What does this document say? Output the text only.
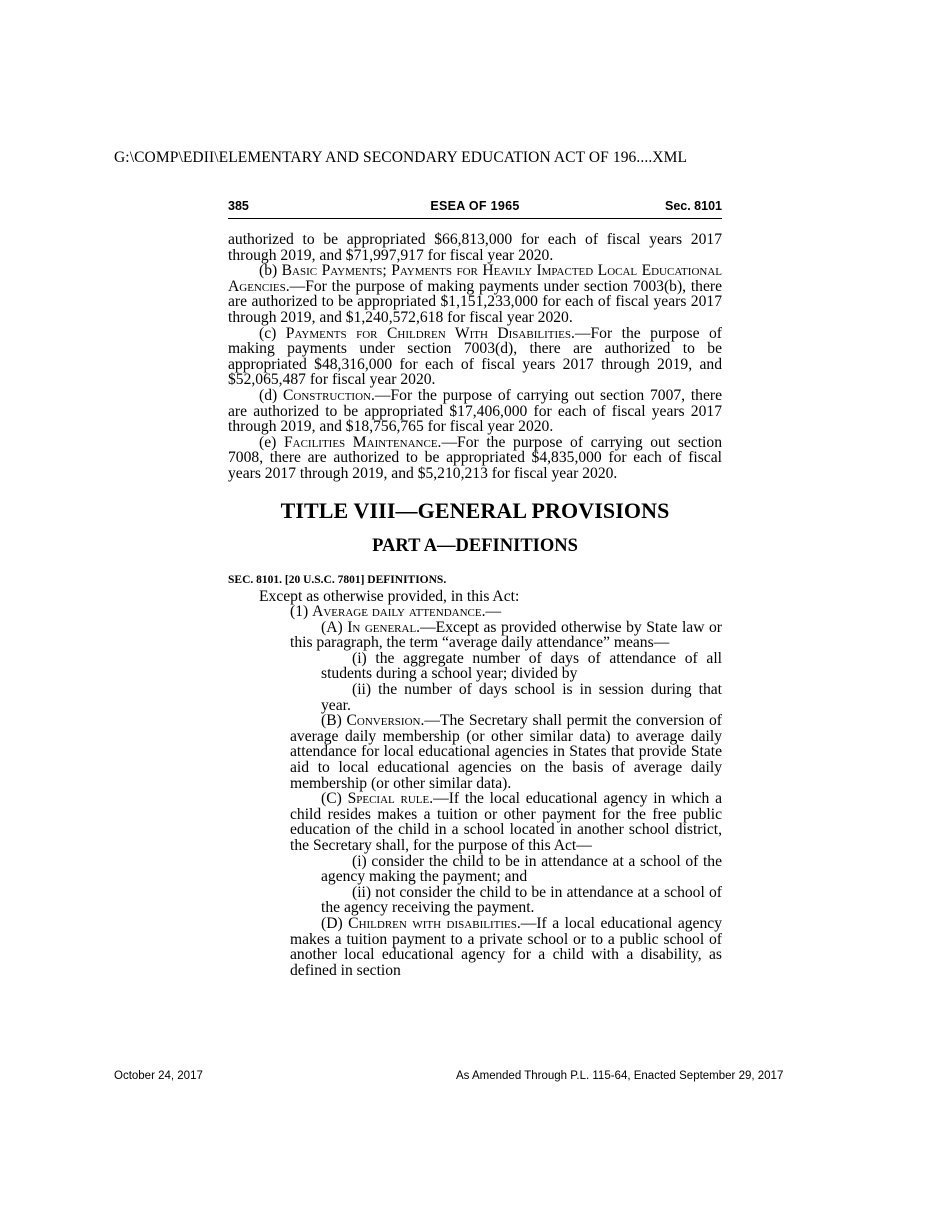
G:\COMP\EDII\ELEMENTARY AND SECONDARY EDUCATION ACT OF 196....XML
385	ESEA OF 1965	Sec. 8101

authorized to be appropriated $66,813,000 for each of fiscal years 2017 through 2019, and $71,997,917 for fiscal year 2020.

(b) Basic Payments; Payments for Heavily Impacted Local Educational Agencies.—For the purpose of making payments under section 7003(b), there are authorized to be appropriated $1,151,233,000 for each of fiscal years 2017 through 2019, and $1,240,572,618 for fiscal year 2020.

(c) Payments for Children With Disabilities.—For the purpose of making payments under section 7003(d), there are authorized to be appropriated $48,316,000 for each of fiscal years 2017 through 2019, and $52,065,487 for fiscal year 2020.

(d) Construction.—For the purpose of carrying out section 7007, there are authorized to be appropriated $17,406,000 for each of fiscal years 2017 through 2019, and $18,756,765 for fiscal year 2020.

(e) Facilities Maintenance.—For the purpose of carrying out section 7008, there are authorized to be appropriated $4,835,000 for each of fiscal years 2017 through 2019, and $5,210,213 for fiscal year 2020.

TITLE VIII—GENERAL PROVISIONS
PART A—DEFINITIONS
SEC. 8101. [20 U.S.C. 7801] DEFINITIONS.

Except as otherwise provided, in this Act:

(1) Average daily attendance.—

(A) In general.—Except as provided otherwise by State law or this paragraph, the term “average daily attendance” means—

(i) the aggregate number of days of attendance of all students during a school year; divided by

(ii) the number of days school is in session during that year.

(B) Conversion.—The Secretary shall permit the conversion of average daily membership (or other similar data) to average daily attendance for local educational agencies in States that provide State aid to local educational agencies on the basis of average daily membership (or other similar data).

(C) Special rule.—If the local educational agency in which a child resides makes a tuition or other payment for the free public education of the child in a school located in another school district, the Secretary shall, for the purpose of this Act—

(i) consider the child to be in attendance at a school of the agency making the payment; and

(ii) not consider the child to be in attendance at a school of the agency receiving the payment.

(D) Children with disabilities.—If a local educational agency makes a tuition payment to a private school or to a public school of another local educational agency for a child with a disability, as defined in section

October 24, 2017	As Amended Through P.L. 115-64, Enacted September 29, 2017
